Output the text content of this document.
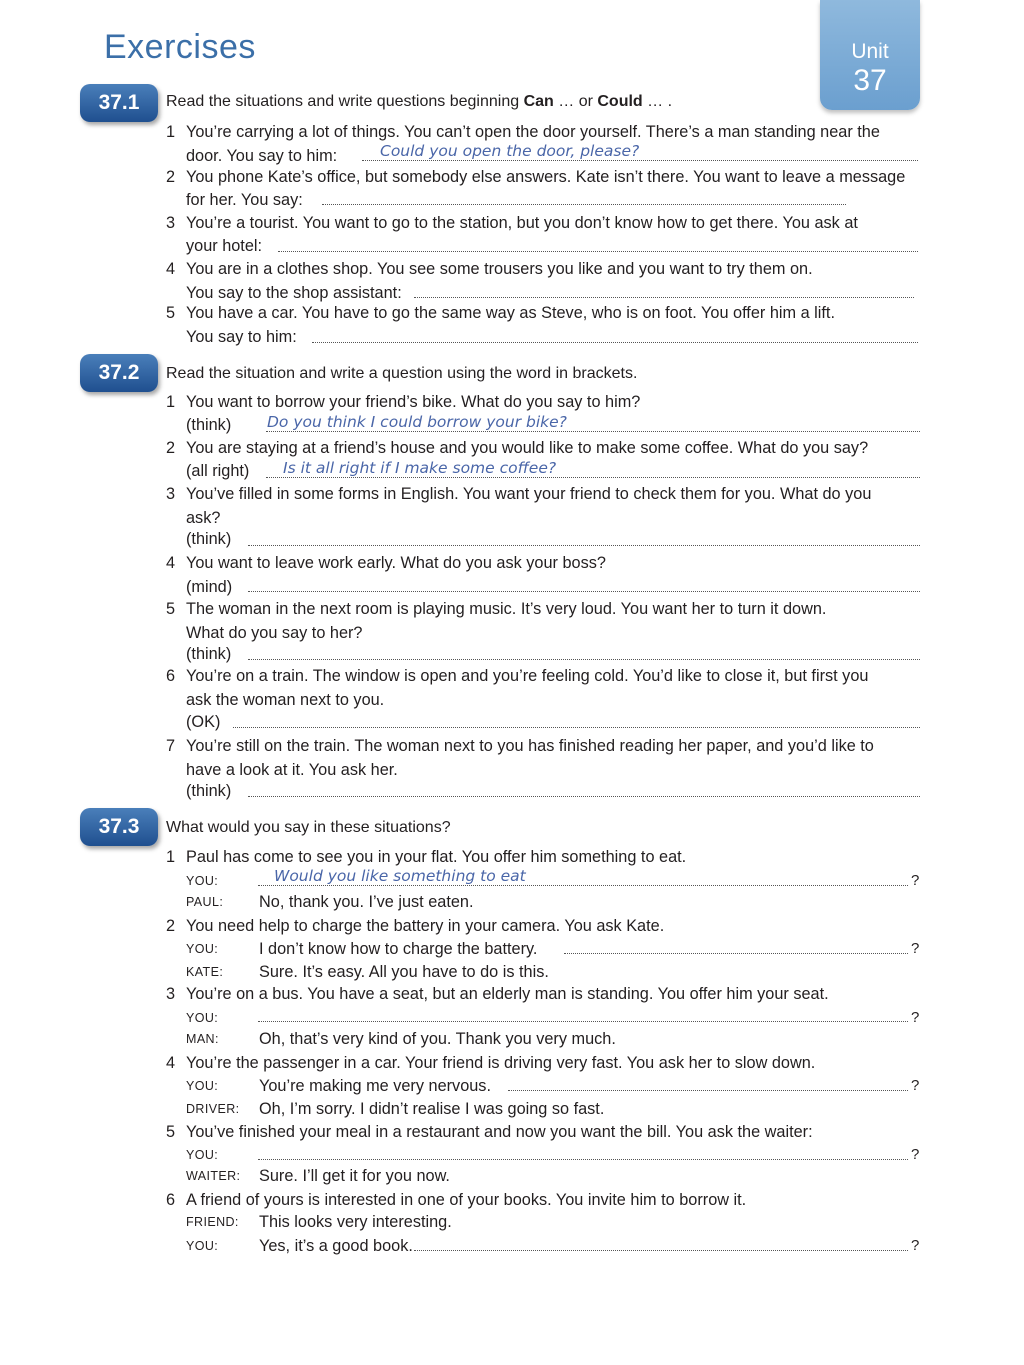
Exercises	Unit
37
37.1	Read the situations and write questions beginning Can … or Could … .
1 You’re carrying a lot of things. You can’t open the door yourself. There’s a man standing near the
door. You say to him:	Could you open the door, please?
2 You phone Kate’s office, but somebody else answers. Kate isn’t there. You want to leave a message
for her. You say:
3 You’re a tourist. You want to go to the station, but you don’t know how to get there. You ask at
your hotel:
4 You are in a clothes shop. You see some trousers you like and you want to try them on.
You say to the shop assistant:
5 You have a car. You have to go the same way as Steve, who is on foot. You offer him a lift.
You say to him:
37.2	Read the situation and write a question using the word in brackets.
1 You want to borrow your friend’s bike. What do you say to him?
(think) Do you think I could borrow your bike?
2 You are staying at a friend’s house and you would like to make some coffee. What do you say?
(all right) Is it all right if I make some coffee?
3 You’ve filled in some forms in English. You want your friend to check them for you. What do you
ask?
(think)
4 You want to leave work early. What do you ask your boss?
(mind)
5 The woman in the next room is playing music. It’s very loud. You want her to turn it down.
What do you say to her?
(think)
6 You’re on a train. The window is open and you’re feeling cold. You’d like to close it, but first you
ask the woman next to you.
(OK)
7 You’re still on the train. The woman next to you has finished reading her paper, and you’d like to
have a look at it. You ask her.
(think)
37.3	What would you say in these situations?
1 Paul has come to see you in your flat. You offer him something to eat.
YOU:	Would you like something to eat	?
PAUL: No, thank you. I’ve just eaten.
2 You need help to charge the battery in your camera. You ask Kate.
YOU:	I don’t know how to charge the battery.	?
KATE: Sure. It’s easy. All you have to do is this.
3 You’re on a bus. You have a seat, but an elderly man is standing. You offer him your seat.
YOU:	?
MAN: Oh, that’s very kind of you. Thank you very much.
4 You’re the passenger in a car. Your friend is driving very fast. You ask her to slow down.
YOU:	You’re making me very nervous.	?
DRIVER: Oh, I’m sorry. I didn’t realise I was going so fast.
5 You’ve finished your meal in a restaurant and now you want the bill. You ask the waiter:
YOU:	?
WAITER: Sure. I’ll get it for you now.
6 A friend of yours is interested in one of your books. You invite him to borrow it.
FRIEND: This looks very interesting.
YOU:	Yes, it’s a good book.	?
